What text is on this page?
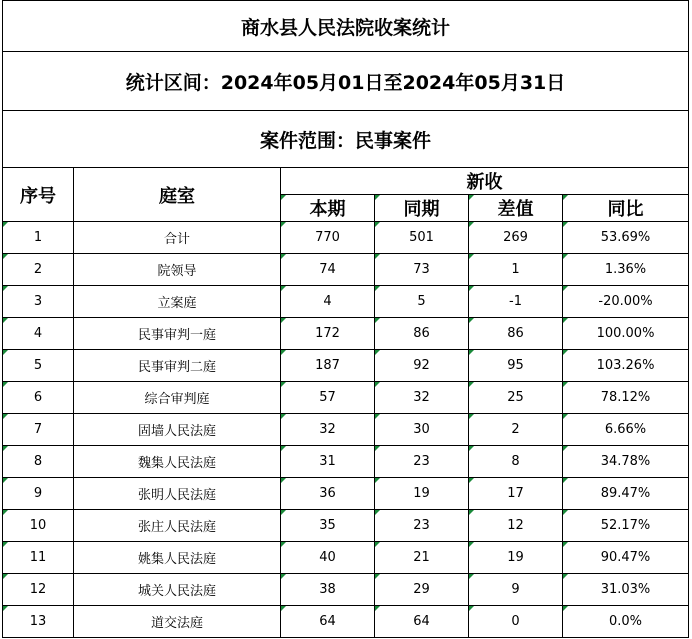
商水县人民法院收案统计					
统计区间：2024年05月01日至2024年05月31日					
案件范围：民事案件					
序号	庭室	新收			
		本期	同期	差值	同比
1	合计	770	501	269	53.69%
2	院领导	74	73	1	1.36%
3	立案庭	4	5	-1	-20.00%
4	民事审判一庭	172	86	86	100.00%
5	民事审判二庭	187	92	95	103.26%
6	综合审判庭	57	32	25	78.12%
7	固墙人民法庭	32	30	2	6.66%
8	魏集人民法庭	31	23	8	34.78%
9	张明人民法庭	36	19	17	89.47%
10	张庄人民法庭	35	23	12	52.17%
11	姚集人民法庭	40	21	19	90.47%
12	城关人民法庭	38	29	9	31.03%
13	道交法庭	64	64	0	0.0%
